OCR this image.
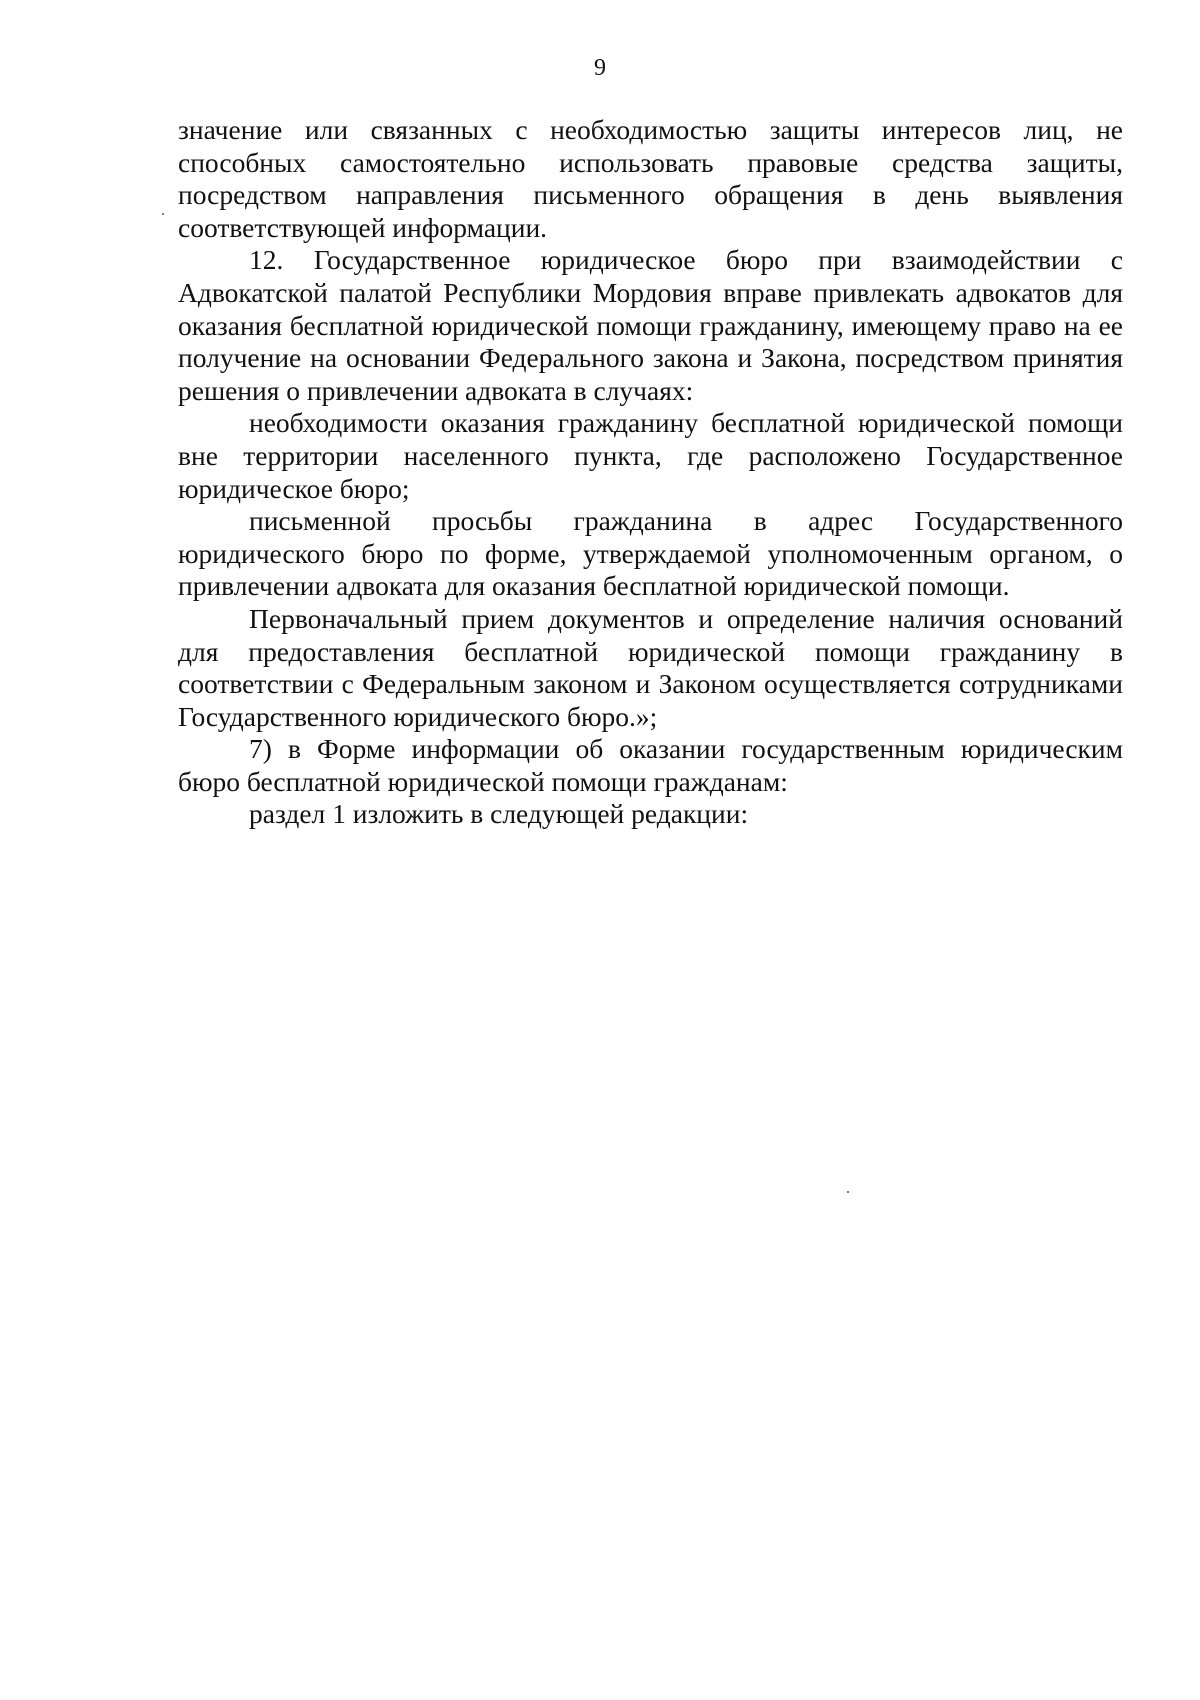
9

значение или связанных с необходимостью защиты интересов лиц, не способных самостоятельно использовать правовые средства защиты, посредством направления письменного обращения в день выявления соответствующей информации.

12. Государственное юридическое бюро при взаимодействии с Адвокатской палатой Республики Мордовия вправе привлекать адвокатов для оказания бесплатной юридической помощи гражданину, имеющему право на ее получение на основании Федерального закона и Закона, посредством принятия решения о привлечении адвоката в случаях:

необходимости оказания гражданину бесплатной юридической помощи вне территории населенного пункта, где расположено Государственное юридическое бюро;

письменной просьбы гражданина в адрес Государственного юридического бюро по форме, утверждаемой уполномоченным органом, о привлечении адвоката для оказания бесплатной юридической помощи.

Первоначальный прием документов и определение наличия оснований для предоставления бесплатной юридической помощи гражданину в соответствии с Федеральным законом и Законом осуществляется сотрудниками Государственного юридического бюро.»;

7) в Форме информации об оказании государственным юридическим бюро бесплатной юридической помощи гражданам:

раздел 1 изложить в следующей редакции:
